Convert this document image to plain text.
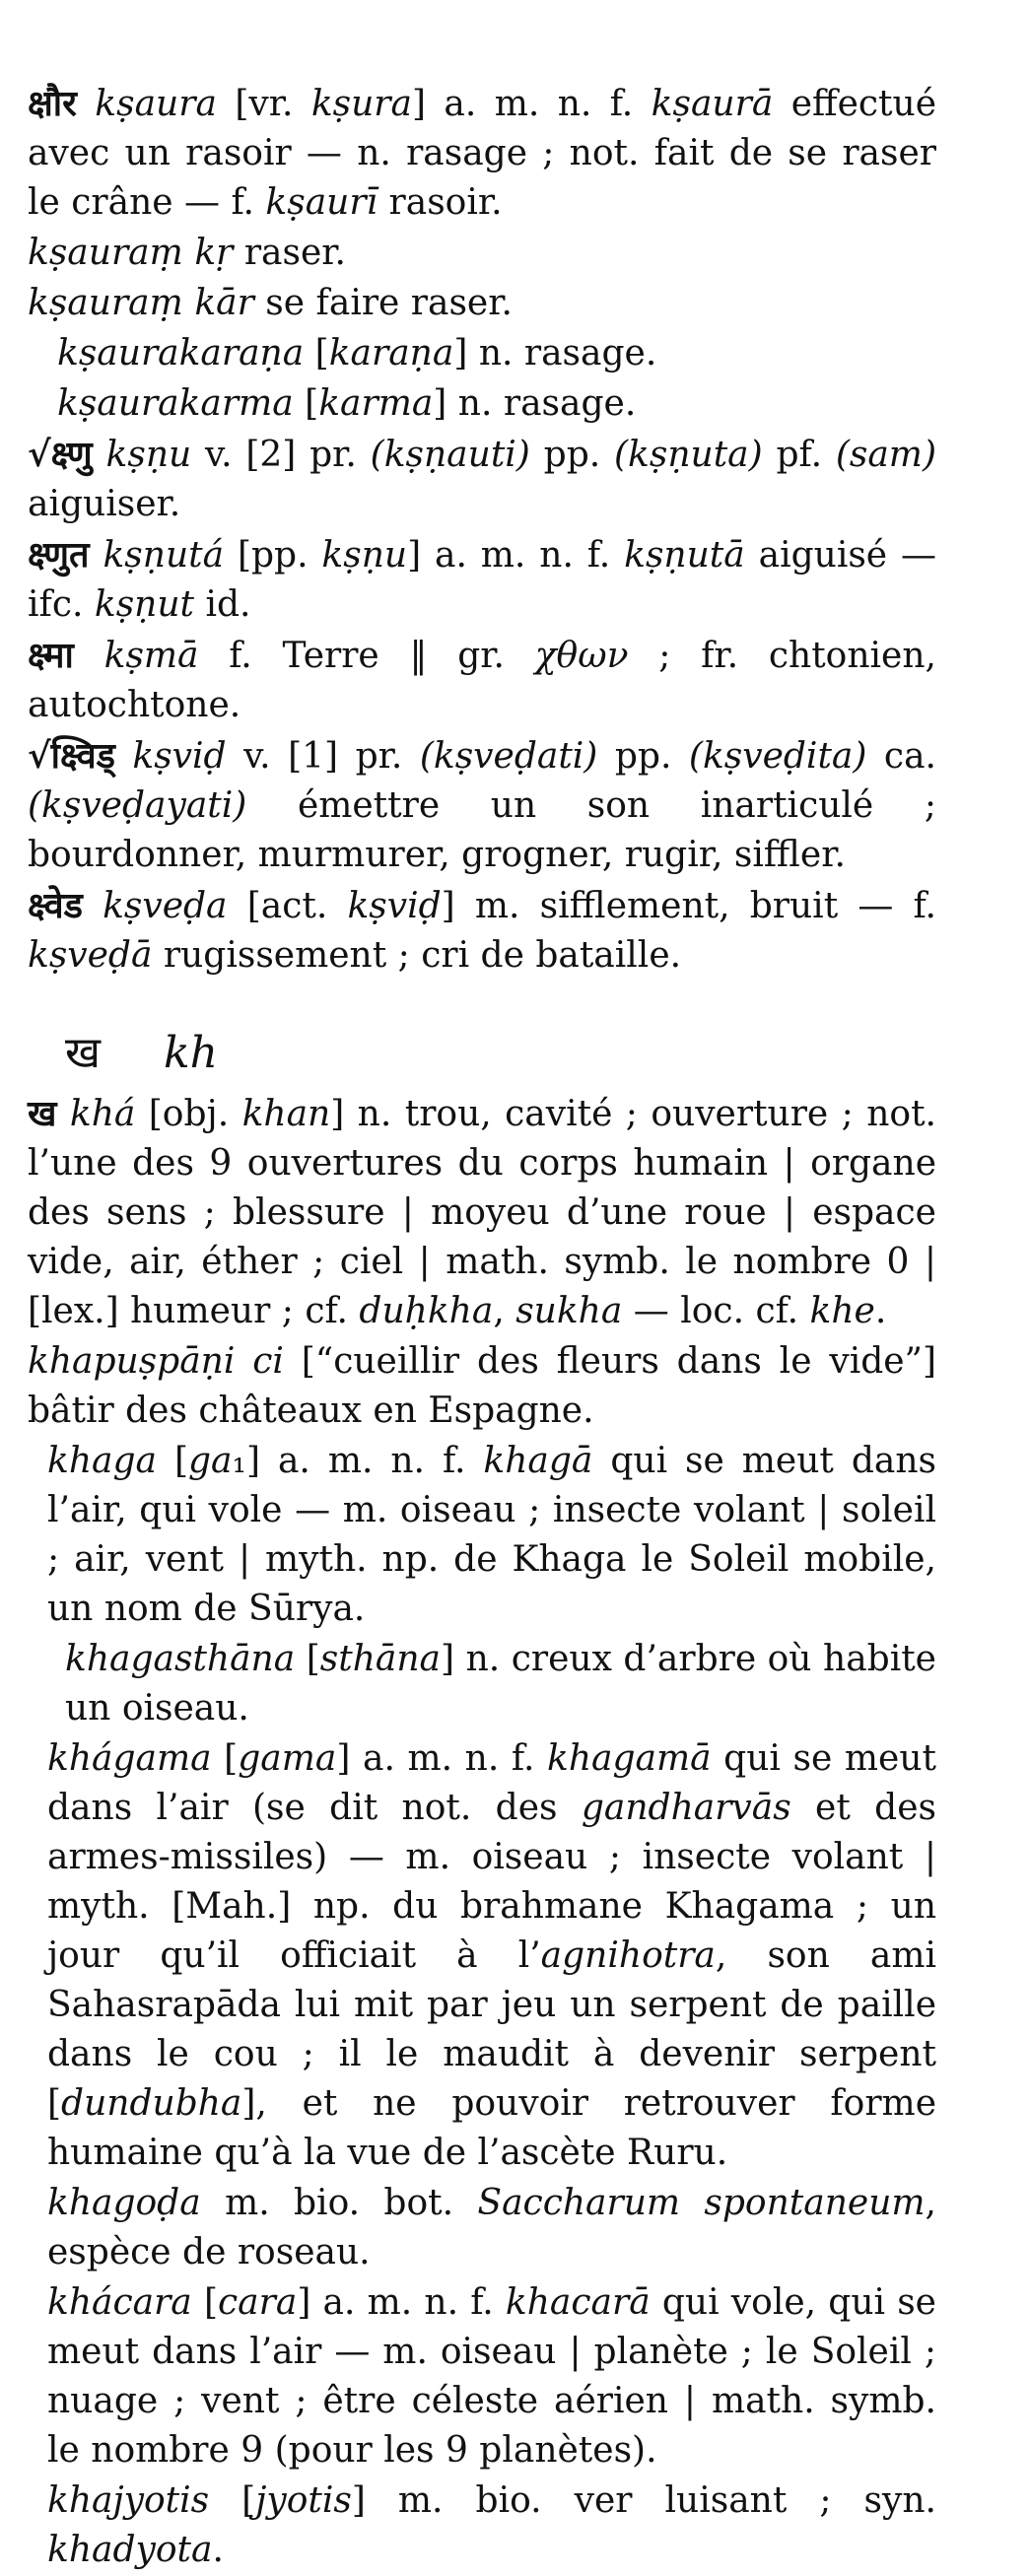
क्षौर kṣaura [vr. kṣura] a. m. n. f. kṣaurā effectué avec un rasoir — n. rasage ; not. fait de se raser le crâne — f. kṣaurī rasoir.

kṣauraṃ kṛ raser.

kṣauraṃ kār se faire raser.

kṣaurakaraṇa [karaṇa] n. rasage.

kṣaurakarma [karma] n. rasage.

√क्ष्णु kṣṇu v. [2] pr. (kṣṇauti) pp. (kṣṇuta) pf. (sam) aiguiser.

क्ष्णुत kṣṇutá [pp. kṣṇu] a. m. n. f. kṣṇutā aiguisé — ifc. kṣṇut id.

क्ष्मा kṣmā f. Terre ‖ gr. χθων ; fr. chtonien, autochtone.

√क्ष्विड् kṣviḍ v. [1] pr. (kṣveḍati) pp. (kṣveḍita) ca. (kṣveḍayati) émettre un son inarticulé ; bourdonner, murmurer, grogner, rugir, siffler.

क्ष्वेड kṣveḍa [act. kṣviḍ] m. sifflement, bruit — f. kṣveḍā rugissement ; cri de bataille.

ख kh

ख khá [obj. khan] n. trou, cavité ; ouverture ; not. l’une des 9 ouvertures du corps humain | organe des sens ; blessure | moyeu d’une roue | espace vide, air, éther ; ciel | math. symb. le nombre 0 | [lex.] humeur ; cf. duḥkha, sukha — loc. cf. khe.

khapuṣpāṇi ci [“cueillir des fleurs dans le vide”] bâtir des châteaux en Espagne.

khaga [ga₁] a. m. n. f. khagā qui se meut dans l’air, qui vole — m. oiseau ; insecte volant | soleil ; air, vent | myth. np. de Khaga le Soleil mobile, un nom de Sūrya.

khagasthāna [sthāna] n. creux d’arbre où habite un oiseau.

khágama [gama] a. m. n. f. khagamā qui se meut dans l’air (se dit not. des gandharvās et des armes-missiles) — m. oiseau ; insecte volant | myth. [Mah.] np. du brahmane Khagama ; un jour qu’il officiait à l’agnihotra, son ami Sahasrapāda lui mit par jeu un serpent de paille dans le cou ; il le maudit à devenir serpent [dundubha], et ne pouvoir retrouver forme humaine qu’à la vue de l’ascète Ruru.

khagoḍa m. bio. bot. Saccharum spontaneum, espèce de roseau.

khácara [cara] a. m. n. f. khacarā qui vole, qui se meut dans l’air — m. oiseau | planète ; le Soleil ; nuage ; vent ; être céleste aérien | math. symb. le nombre 9 (pour les 9 planètes).

khajyotis [jyotis] m. bio. ver luisant ; syn. khadyota.
